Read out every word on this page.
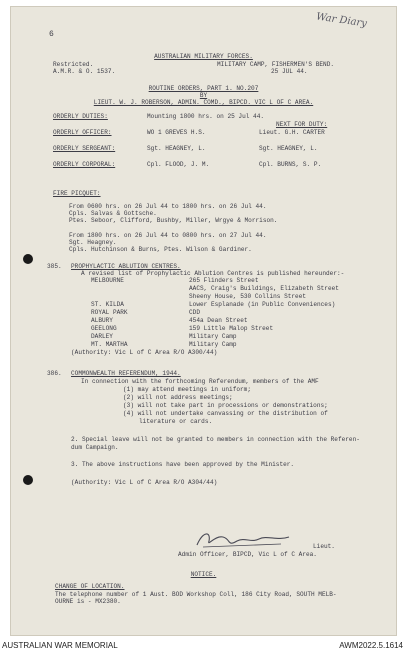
War Diary
6
AUSTRALIAN MILITARY FORCES.
Restricted.	MILITARY CAMP, FISHERMEN'S BEND.
A.M.R. & O. 1537.	25 JUL 44.
ROUTINE ORDERS, PART 1. NO.207
BY
LIEUT. W. J. ROBERSON, ADMIN. COMD., BIPCD. VIC L OF C AREA.
ORDERLY DUTIES:	Mounting 1800 hrs. on 25 Jul 44.
NEXT FOR DUTY:
ORDERLY OFFICER:	WO 1 GREVES H.S.	Lieut. G.H. CARTER
ORDERLY SERGEANT:	Sgt. HEAGNEY, L.	Sgt. HEAGNEY, L.
ORDERLY CORPORAL:	Cpl. FLOOD, J. M.	Cpl. BURNS, S. P.
FIRE PICQUET:
From 0600 hrs. on 26 Jul 44 to 1800 hrs. on 26 Jul 44.
Cpls. Salvas & Gottsche.
Ptes. Seboor, Clifford, Bushby, Miller, Wrgye & Morrison.
From 1800 hrs. on 26 Jul 44 to 0800 hrs. on 27 Jul 44.
Sgt. Heagney.
Cpls. Hutchinson & Burns, Ptes. Wilson & Gardiner.
385. PROPHYLACTIC ABLUTION CENTRES.
A revised list of Prophylactic Ablution Centres is published hereunder:-
MELBOURNE	265 Flinders Street
AACS, Craig's Buildings, Elizabeth Street
Sheeny House, 530 Collins Street
ST. KILDA	Lower Esplanade (in Public Conveniences)
ROYAL PARK	CDD
ALBURY	454a Dean Street
GEELONG	159 Little Malop Street
DARLEY	Military Camp
MT. MARTHA	Military Camp
(Authority: Vic L of C Area R/O A300/44)
386. COMMONWEALTH REFERENDUM, 1944.
In connection with the forthcoming Referendum, members of the AMF
(1) may attend meetings in uniform;
(2) will not address meetings;
(3) will not take part in processions or demonstrations;
(4) will not undertake canvassing or the distribution of
literature or cards.
2. Special leave will not be granted to members in connection with the Referen-
dum Campaign.
3. The above instructions have been approved by the Minister.
(Authority: Vic L of C Area R/O A304/44)
Lieut.
Admin Officer, BIPCD, Vic L of C Area.
NOTICE.
CHANGE OF LOCATION.
The telephone number of 1 Aust. BOD Workshop Coll, 186 City Road, SOUTH MELB-
OURNE is - MX2380.
AUSTRALIAN WAR MEMORIAL	AWM2022.5.1614
